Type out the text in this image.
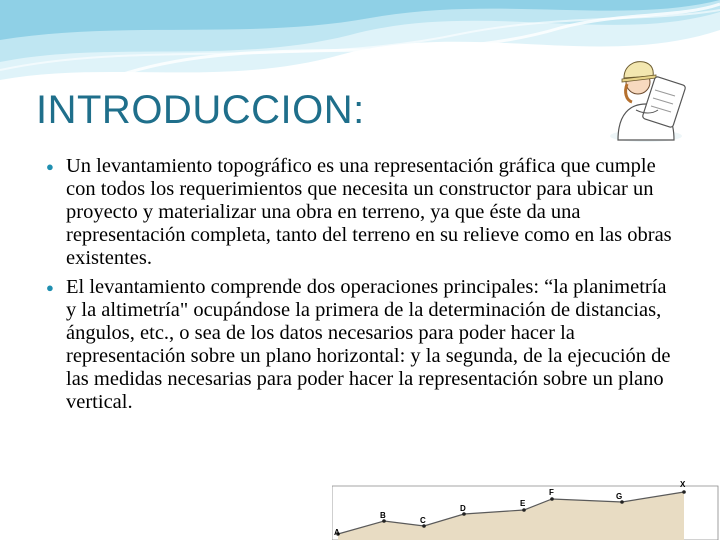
INTRODUCCION:
● Un levantamiento topográfico es una representación gráfica que cumple con todos los requerimientos que necesita un constructor para ubicar un proyecto y materializar una obra en terreno, ya que éste da una representación completa, tanto del terreno en su relieve como en las obras existentes.
● El levantamiento comprende dos operaciones principales: “la planimetría y la altimetría" ocupándose la primera de la determinación de distancias, ángulos, etc., o sea de los datos necesarios para poder hacer la representación sobre un plano horizontal: y la segunda, de la ejecución de las medidas necesarias para poder hacer la representación sobre un plano vertical.
A
B
C
D
E
F	G
X
